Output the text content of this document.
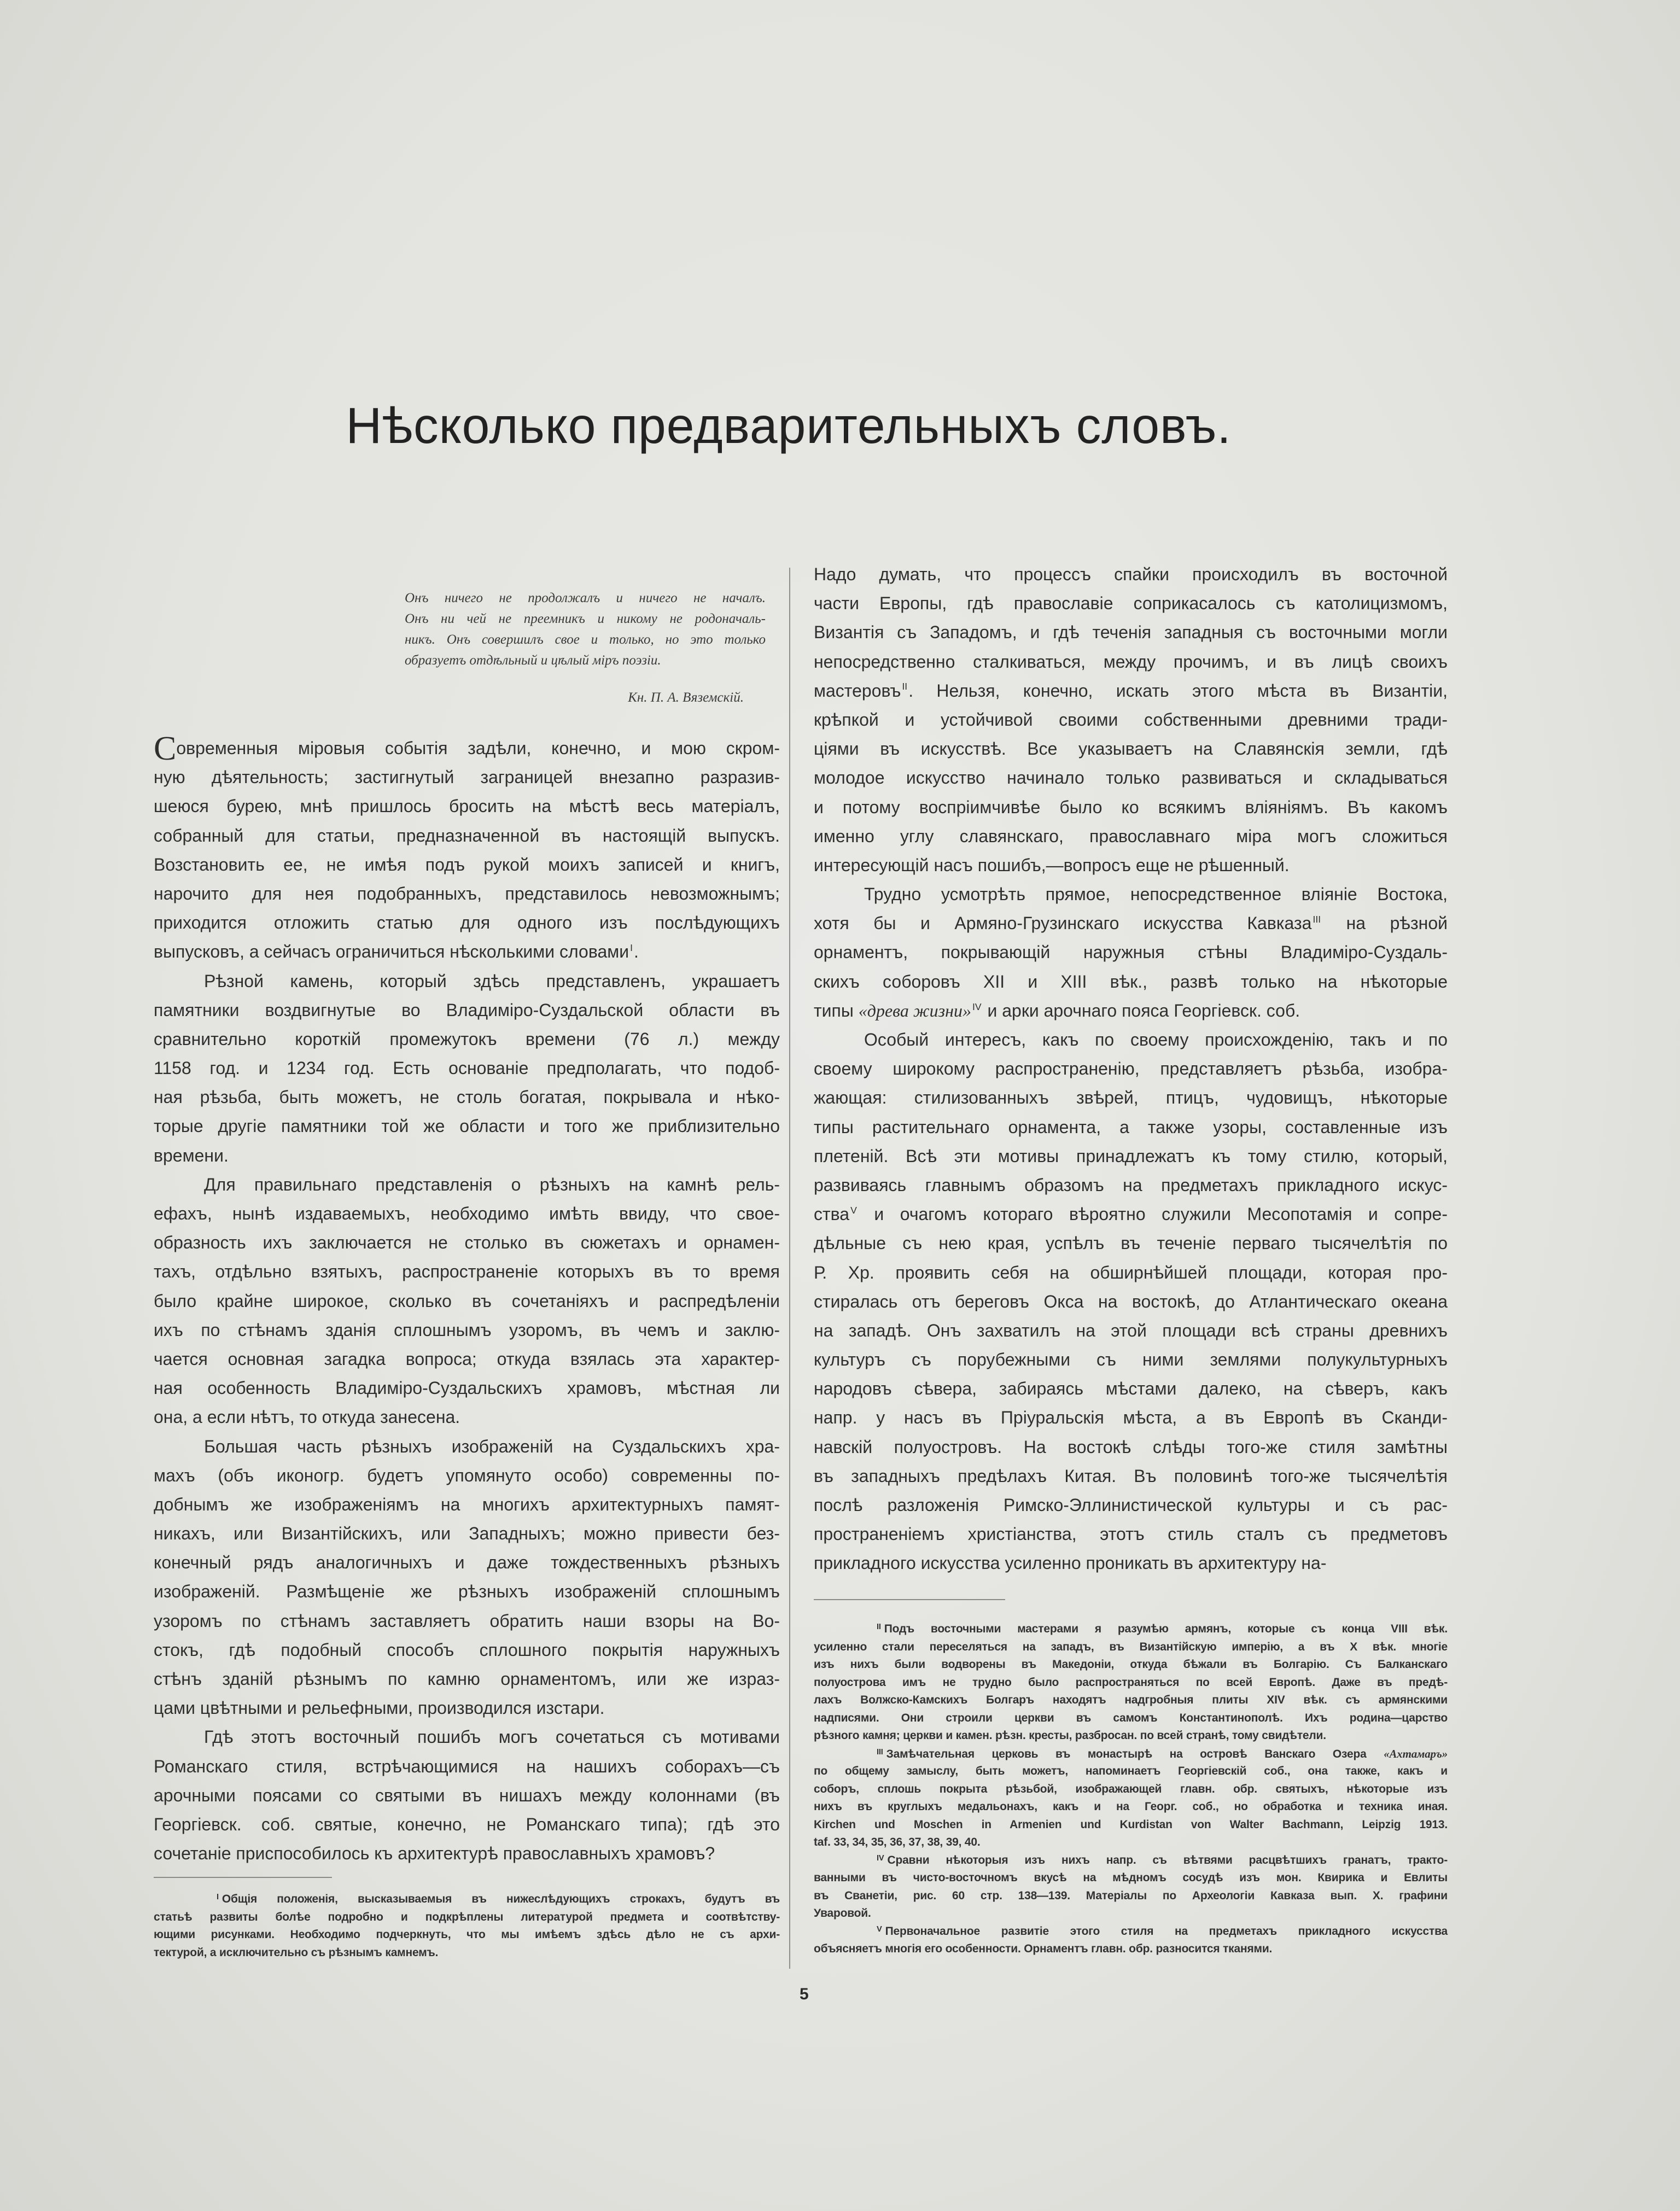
Нѣсколько предварительныхъ словъ.
Онъ ничего не продолжалъ и ничего не началъ.
Онъ ни чей не преемникъ и никому не родоначаль-
никъ. Онъ совершилъ свое и только, но это только
образуетъ отдѣльный и цѣлый міръ поэзіи.
Кн. П. А. Вяземскій.
Современныя міровыя событія задѣли, конечно, и мою скром-
ную дѣятельность; застигнутый заграницей внезапно разразив-
шеюся бурею, мнѣ пришлось бросить на мѣстѣ весь матеріалъ,
собранный для статьи, предназначенной въ настоящій выпускъ.
Возстановить ее, не имѣя подъ рукой моихъ записей и книгъ,
нарочито для нея подобранныхъ, представилось невозможнымъ;
приходится отложить статью для одного изъ послѣдующихъ
выпусковъ, а сейчасъ ограничиться нѣсколькими словами $^I$.
Рѣзной камень, который здѣсь представленъ, украшаетъ
памятники воздвигнутые во Владиміро-Суздальской области въ
сравнительно короткій промежутокъ времени (76 л.) между
1158 год. и 1234 год. Есть основаніе предполагать, что подоб-
ная рѣзьба, быть можетъ, не столь богатая, покрывала и нѣко-
торые другіе памятники той же области и того же приблизительно
времени.
Для правильнаго представленія о рѣзныхъ на камнѣ рель-
ефахъ, нынѣ издаваемыхъ, необходимо имѣть ввиду, что свое-
образность ихъ заключается не столько въ сюжетахъ и орнамен-
тахъ, отдѣльно взятыхъ, распространеніе которыхъ въ то время
было крайне широкое, сколько въ сочетаніяхъ и распредѣленіи
ихъ по стѣнамъ зданія сплошнымъ узоромъ, въ чемъ и заклю-
чается основная загадка вопроса; откуда взялась эта характер-
ная особенность Владиміро-Суздальскихъ храмовъ, мѣстная ли
она, а если нѣтъ, то откуда занесена.
Большая часть рѣзныхъ изображеній на Суздальскихъ хра-
махъ (объ иконогр. будетъ упомянуто особо) современны по-
добнымъ же изображеніямъ на многихъ архитектурныхъ памят-
никахъ, или Византійскихъ, или Западныхъ; можно привести без-
конечный рядъ аналогичныхъ и даже тождественныхъ рѣзныхъ
изображеній. Размѣщеніе же рѣзныхъ изображеній сплошнымъ
узоромъ по стѣнамъ заставляетъ обратить наши взоры на Во-
стокъ, гдѣ подобный способъ сплошного покрытія наружныхъ
стѣнъ зданій рѣзнымъ по камню орнаментомъ, или же израз-
цами цвѣтными и рельефными, производился изстари.
Гдѣ этотъ восточный пошибъ могъ сочетаться съ мотивами
Романскаго стиля, встрѣчающимися на нашихъ соборахъ—съ
арочными поясами со святыми въ нишахъ между колоннами (въ
Георгіевск. соб. святые, конечно, не Романскаго типа); гдѣ это
сочетаніе приспособилось къ архитектурѣ православныхъ храмовъ?
Надо думать, что процессъ спайки происходилъ въ восточной
части Европы, гдѣ православіе соприкасалось съ католицизмомъ,
Византія съ Западомъ, и гдѣ теченія западныя съ восточными могли
непосредственно сталкиваться, между прочимъ, и въ лицѣ своихъ
мастеровъ $^{II}$. Нельзя, конечно, искать этого мѣста въ Византіи,
крѣпкой и устойчивой своими собственными древними тради-
ціями въ искусствѣ. Все указываетъ на Славянскія земли, гдѣ
молодое искусство начинало только развиваться и складываться
и потому воспріимчивѣе было ко всякимъ вліяніямъ. Въ какомъ
именно углу славянскаго, православнаго міра могъ сложиться
интересующій насъ пошибъ,—вопросъ еще не рѣшенный.
Трудно усмотрѣть прямое, непосредственное вліяніе Востока,
хотя бы и Армяно-Грузинскаго искусства Кавказа $^{III}$ на рѣзной
орнаментъ, покрывающій наружныя стѣны Владиміро-Суздаль-
скихъ соборовъ XII и XIII вѣк., развѣ только на нѣкоторые
типы «древа жизни» $^{IV}$ и арки арочнаго пояса Георгіевск. соб.
Особый интересъ, какъ по своему происхожденію, такъ и по
своему широкому распространенію, представляетъ рѣзьба, изобра-
жающая: стилизованныхъ звѣрей, птицъ, чудовищъ, нѣкоторые
типы растительнаго орнамента, а также узоры, составленные изъ
плетеній. Всѣ эти мотивы принадлежатъ къ тому стилю, который,
развиваясь главнымъ образомъ на предметахъ прикладного искус-
ства $^V$ и очагомъ котораго вѣроятно служили Месопотамія и сопре-
дѣльные съ нею края, успѣлъ въ теченіе перваго тысячелѣтія по
Р. Хр. проявить себя на обширнѣйшей площади, которая про-
стиралась отъ береговъ Окса на востокѣ, до Атлантическаго океана
на западѣ. Онъ захватилъ на этой площади всѣ страны древнихъ
культуръ съ порубежными съ ними землями полукультурныхъ
народовъ сѣвера, забираясь мѣстами далеко, на сѣверъ, какъ
напр. у насъ въ Пріуральскія мѣста, а въ Европѣ въ Сканди-
навскій полуостровъ. На востокѣ слѣды того-же стиля замѣтны
въ западныхъ предѣлахъ Китая. Въ половинѣ того-же тысячелѣтія
послѣ разложенія Римско-Эллинистической культуры и съ рас-
пространеніемъ христіанства, этотъ стиль сталъ съ предметовъ
прикладного искусства усиленно проникать въ архитектуру на-
$^I$ Общія положенія, высказываемыя въ нижеслѣдующихъ строкахъ, будутъ въ
статьѣ развиты болѣе подробно и подкрѣплены литературой предмета и соотвѣтству-
ющими рисунками. Необходимо подчеркнуть, что мы имѣемъ здѣсь дѣло не съ архи-
тектурой, а исключительно съ рѣзнымъ камнемъ.
$^{II}$ Подъ восточными мастерами я разумѣю армянъ, которые съ конца VIII вѣк.
усиленно стали переселяться на западъ, въ Византійскую имперію, а въ X вѣк. многіе
изъ нихъ были водворены въ Македоніи, откуда бѣжали въ Болгарію. Съ Балканскаго
полуострова имъ не трудно было распространяться по всей Европѣ. Даже въ предѣ-
лахъ Волжско-Камскихъ Болгаръ находятъ надгробныя плиты XIV вѣк. съ армянскими
надписями. Они строили церкви въ самомъ Константинополѣ. Ихъ родина—царство
рѣзного камня; церкви и камен. рѣзн. кресты, разбросан. по всей странѣ, тому свидѣтели.
$^{III}$ Замѣчательная церковь въ монастырѣ на островѣ Ванскаго Озера «Ахтамаръ»
по общему замыслу, быть можетъ, напоминаетъ Георгіевскій соб., она также, какъ и
соборъ, сплошь покрыта рѣзьбой, изображающей главн. обр. святыхъ, нѣкоторые изъ
нихъ въ круглыхъ медальонахъ, какъ и на Георг. соб., но обработка и техника иная.
Kirchen und Moschen in Armenien und Kurdistan von Walter Bachmann, Leipzig 1913.
taf. 33, 34, 35, 36, 37, 38, 39, 40.
$^{IV}$ Сравни нѣкоторыя изъ нихъ напр. съ вѣтвями расцвѣтшихъ гранатъ, тракто-
ванными въ чисто-восточномъ вкусѣ на мѣдномъ сосудѣ изъ мон. Квирика и Евлиты
въ Сванетіи, рис. 60 стр. 138—139. Матеріалы по Археологіи Кавказа вып. X. графини
Уваровой.
$^V$ Первоначальное развитіе этого стиля на предметахъ прикладного искусства
объясняетъ многія его особенности. Орнаментъ главн. обр. разносится тканями.
5
